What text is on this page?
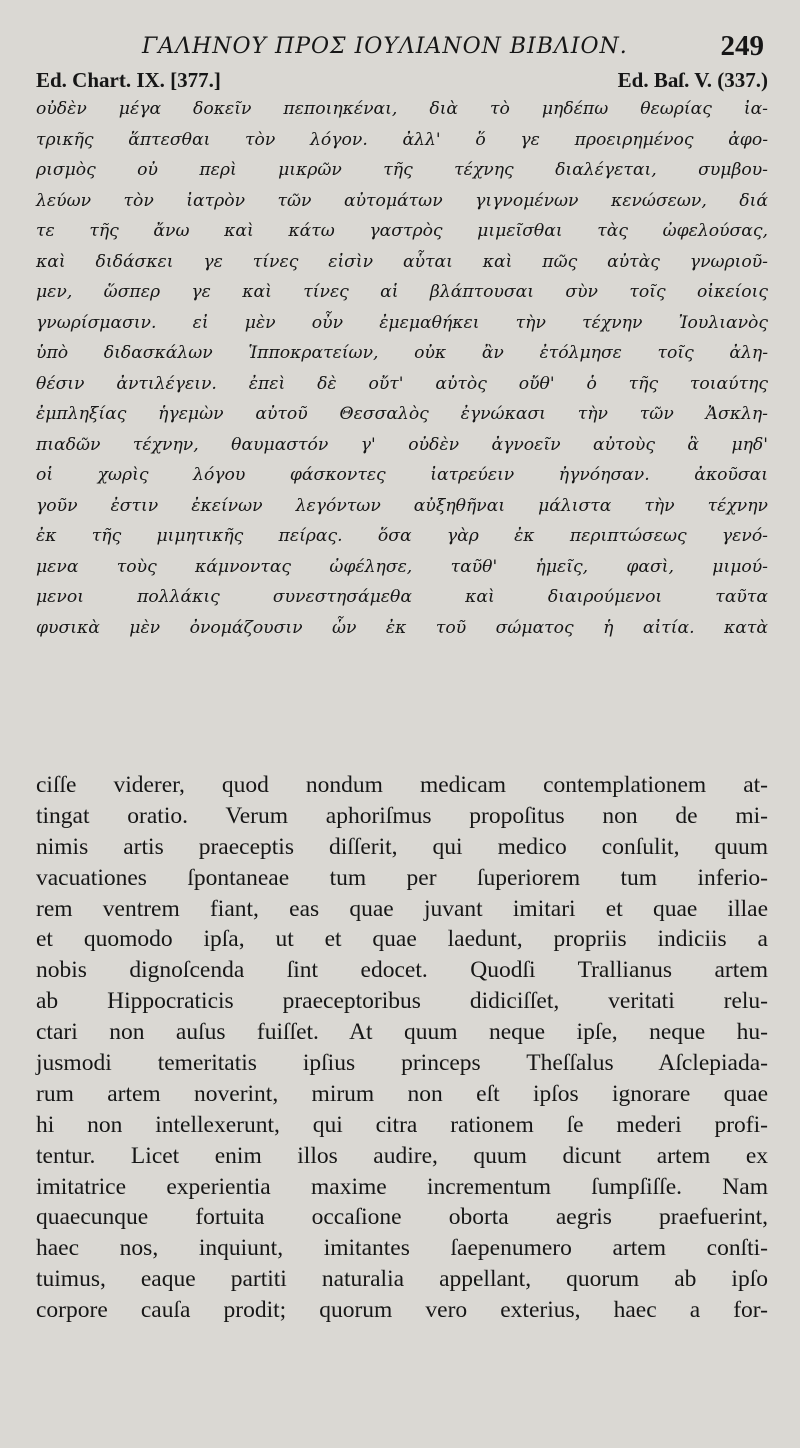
ΓΑΛΗΝΟΥ ΠΡΟΣ ΙΟΥΛΙΑΝΟΝ ΒΙΒΛΙΟΝ.	249
Ed. Chart. IX. [377.]	Ed. Baſ. V. (337.)
οὐδὲν μέγα δοκεῖν πεποιηκέναι, διὰ τὸ μηδέπω θεωρίας ἰα-
τρικῆς ἅπτεσθαι τὸν λόγον. ἀλλ' ὅ γε προειρημένος ἀφο-
ρισμὸς οὐ περὶ μικρῶν τῆς τέχνης διαλέγεται, συμβου-
λεύων τὸν ἰατρὸν τῶν αὐτομάτων γιγνομένων κενώσεων, διά
τε τῆς ἄνω καὶ κάτω γαστρὸς μιμεῖσθαι τὰς ὠφελούσας,
καὶ διδάσκει γε τίνες εἰσὶν αὗται καὶ πῶς αὐτὰς γνωριοῦ-
μεν, ὥσπερ γε καὶ τίνες αἱ βλάπτουσαι σὺν τοῖς οἰκείοις
γνωρίσμασιν. εἰ μὲν οὖν ἐμεμαθήκει τὴν τέχνην Ἰουλιανὸς
ὑπὸ διδασκάλων Ἱπποκρατείων, οὐκ ἂν ἐτόλμησε τοῖς ἀλη-
θέσιν ἀντιλέγειν. ἐπεὶ δὲ οὔτ' αὐτὸς οὔθ' ὁ τῆς τοιαύτης
ἐμπληξίας ἡγεμὼν αὐτοῦ Θεσσαλὸς ἐγνώκασι τὴν τῶν Ἀσκλη-
πιαδῶν τέχνην, θαυμαστόν γ' οὐδὲν ἀγνοεῖν αὐτοὺς ἃ μηδ'
οἱ χωρὶς λόγου φάσκοντες ἰατρεύειν ἠγνόησαν. ἀκοῦσαι
γοῦν ἐστιν ἐκείνων λεγόντων αὐξηθῆναι μάλιστα τὴν τέχνην
ἐκ τῆς μιμητικῆς πείρας. ὅσα γὰρ ἐκ περιπτώσεως γενό-
μενα τοὺς κάμνοντας ὠφέλησε, ταῦθ' ἡμεῖς, φασὶ, μιμού-
μενοι πολλάκις συνεστησάμεθα καὶ διαιρούμενοι ταῦτα
φυσικὰ μὲν ὀνομάζουσιν ὧν ἐκ τοῦ σώματος ἡ αἰτία. κατὰ
ciſſe viderer, quod nondum medicam contemplationem at-
tingat oratio. Verum aphoriſmus propoſitus non de mi-
nimis artis praeceptis diſſerit, qui medico conſulit, quum
vacuationes ſpontaneae tum per ſuperiorem tum inferio-
rem ventrem fiant, eas quae juvant imitari et quae illae
et quomodo ipſa, ut et quae laedunt, propriis indiciis a
nobis dignoſcenda ſint edocet. Quodſi Trallianus artem
ab Hippocraticis praeceptoribus didiciſſet, veritati relu-
ctari non auſus fuiſſet. At quum neque ipſe, neque hu-
jusmodi temeritatis ipſius princeps Theſſalus Aſclepiada-
rum artem noverint, mirum non eſt ipſos ignorare quae
hi non intellexerunt, qui citra rationem ſe mederi profi-
tentur. Licet enim illos audire, quum dicunt artem ex
imitatrice experientia maxime incrementum ſumpſiſſe. Nam
quaecunque fortuita occaſione oborta aegris praefuerint,
haec nos, inquiunt, imitantes ſaepenumero artem conſti-
tuimus, eaque partiti naturalia appellant, quorum ab ipſo
corpore cauſa prodit; quorum vero exterius, haec a for-
